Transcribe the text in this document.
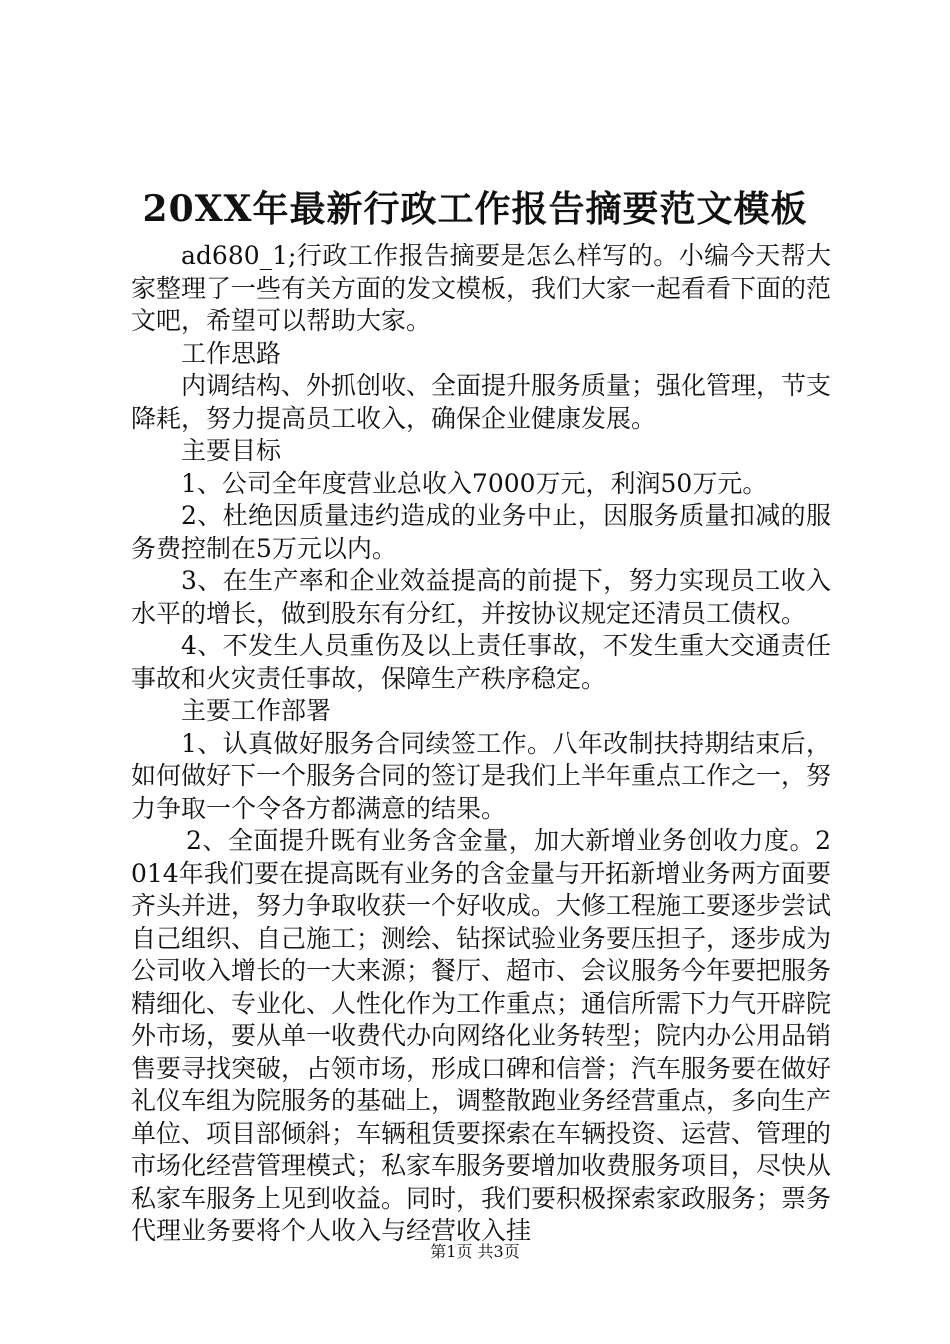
20XX年最新行政工作报告摘要范文模板

ad680_1;行政工作报告摘要是怎么样写的。小编今天帮大家整理了一些有关方面的发文模板，我们大家一起看看下面的范文吧，希望可以帮助大家。

工作思路

内调结构、外抓创收、全面提升服务质量；强化管理，节支降耗，努力提高员工收入，确保企业健康发展。

主要目标

1、公司全年度营业总收入7000万元，利润50万元。

2、杜绝因质量违约造成的业务中止，因服务质量扣减的服务费控制在5万元以内。

3、在生产率和企业效益提高的前提下，努力实现员工收入水平的增长，做到股东有分红，并按协议规定还清员工债权。

4、不发生人员重伤及以上责任事故，不发生重大交通责任事故和火灾责任事故，保障生产秩序稳定。

主要工作部署

1、认真做好服务合同续签工作。八年改制扶持期结束后，如何做好下一个服务合同的签订是我们上半年重点工作之一，努力争取一个令各方都满意的结果。

2、全面提升既有业务含金量，加大新增业务创收力度。2014年我们要在提高既有业务的含金量与开拓新增业务两方面要齐头并进，努力争取收获一个好收成。大修工程施工要逐步尝试自己组织、自己施工；测绘、钻探试验业务要压担子，逐步成为公司收入增长的一大来源；餐厅、超市、会议服务今年要把服务精细化、专业化、人性化作为工作重点；通信所需下力气开辟院外市场，要从单一收费代办向网络化业务转型；院内办公用品销售要寻找突破，占领市场，形成口碑和信誉；汽车服务要在做好礼仪车组为院服务的基础上，调整散跑业务经营重点，多向生产单位、项目部倾斜；车辆租赁要探索在车辆投资、运营、管理的市场化经营管理模式；私家车服务要增加收费服务项目，尽快从私家车服务上见到收益。同时，我们要积极探索家政服务；票务代理业务要将个人收入与经营收入挂

第1页 共3页
